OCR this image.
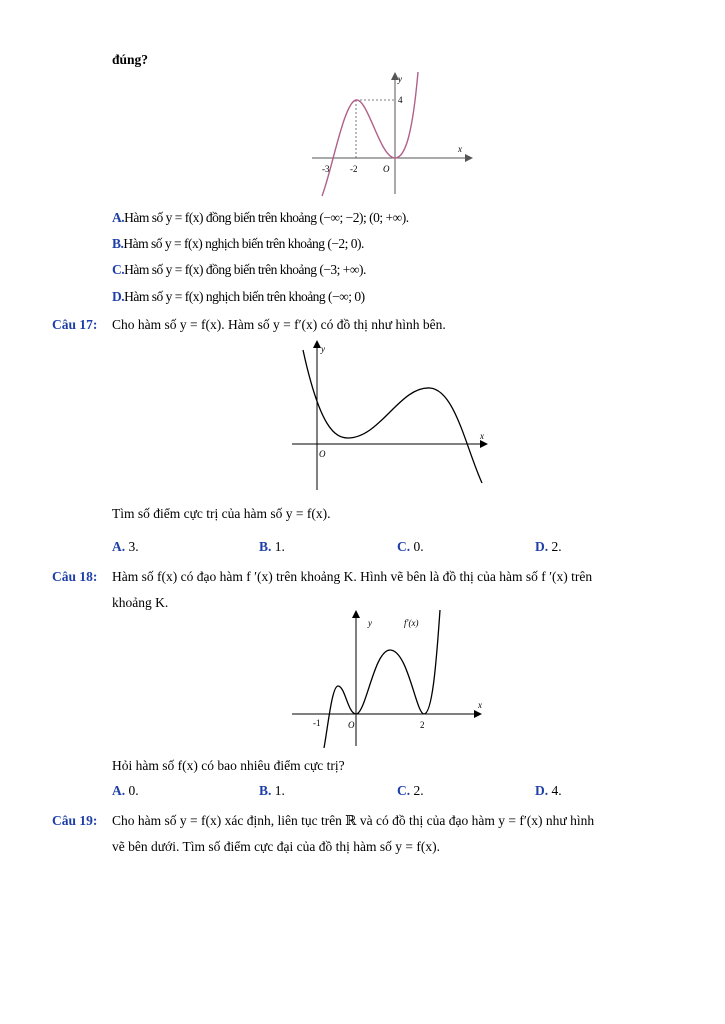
đúng?
y
4
x
-3 -2	O
A.Hàm số y = f(x) đồng biến trên khoảng (−∞; −2); (0; +∞).
B.Hàm số y = f(x) nghịch biến trên khoảng (−2; 0).
C.Hàm số y = f(x) đồng biến trên khoảng (−3; +∞).
D.Hàm số y = f(x) nghịch biến trên khoảng (−∞; 0)
Câu 17: Cho hàm số y = f(x). Hàm số y = f′(x) có đồ thị như hình bên.
y
x
O
Tìm số điểm cực trị của hàm số y = f(x).
A. 3.	B. 1.	C. 0.	D. 2.
Câu 18: Hàm số f(x) có đạo hàm f ′(x) trên khoảng K. Hình vẽ bên là đồ thị của hàm số f ′(x) trên
khoảng K.
y	f′(x)
x
-1	O	2
Hỏi hàm số f(x) có bao nhiêu điểm cực trị?
A. 0.	B. 1.	C. 2.	D. 4.
Câu 19: Cho hàm số y = f(x) xác định, liên tục trên ℝ và có đồ thị của đạo hàm y = f′(x) như hình
vẽ bên dưới. Tìm số điểm cực đại của đồ thị hàm số y = f(x).
